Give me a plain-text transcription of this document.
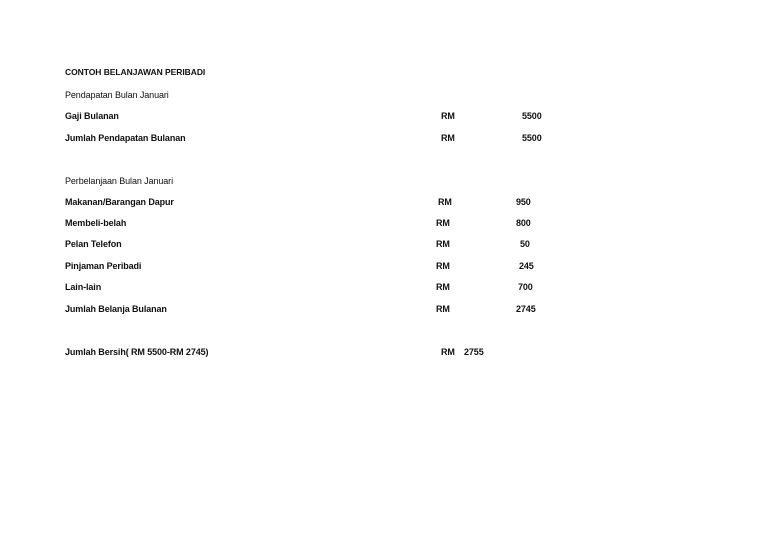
CONTOH BELANJAWAN PERIBADI
Pendapatan Bulan Januari
Gaji Bulanan	RM	5500
Jumlah Pendapatan Bulanan	RM	5500
Perbelanjaan Bulan Januari
Makanan/Barangan Dapur	RM	950
Membeli-belah	RM	800
Pelan Telefon	RM	50
Pinjaman Peribadi	RM	245
Lain-lain	RM	700
Jumlah Belanja Bulanan	RM	2745
Jumlah Bersih( RM 5500-RM 2745)	RM 2755
